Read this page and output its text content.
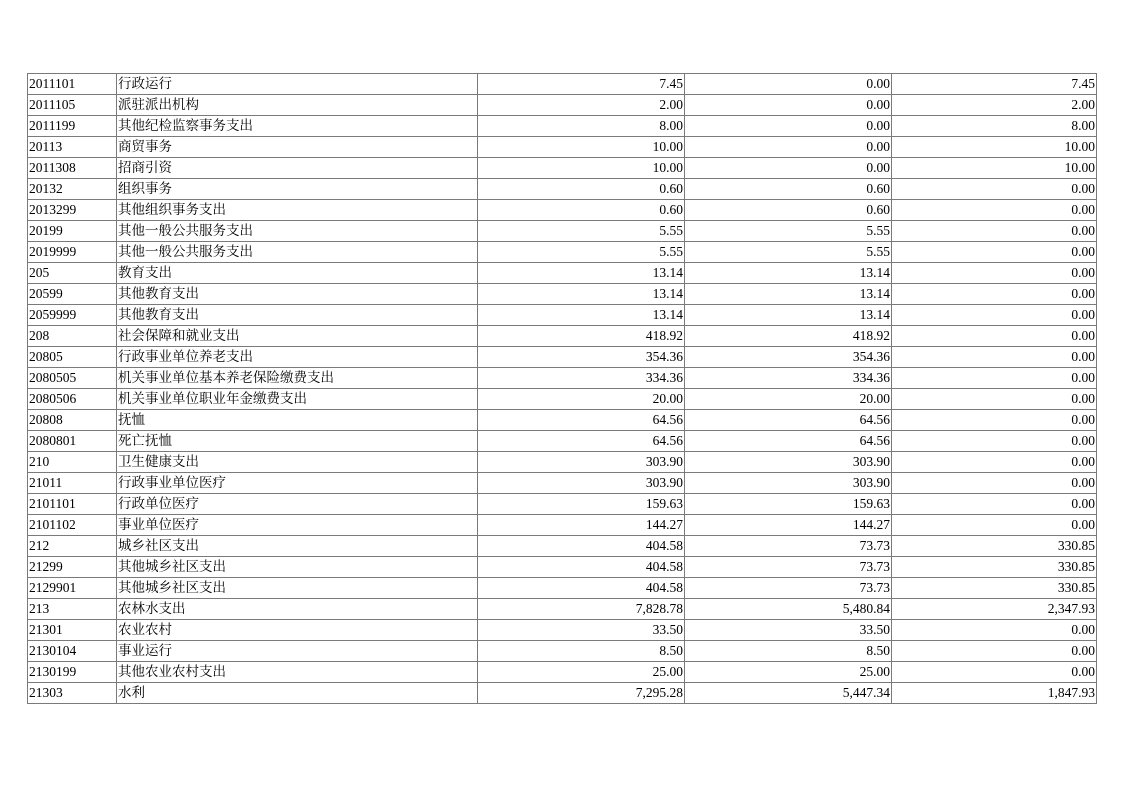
2011101	行政运行	7.45	0.00	7.45
2011105	派驻派出机构	2.00	0.00	2.00
2011199	其他纪检监察事务支出	8.00	0.00	8.00
20113	商贸事务	10.00	0.00	10.00
2011308	招商引资	10.00	0.00	10.00
20132	组织事务	0.60	0.60	0.00
2013299	其他组织事务支出	0.60	0.60	0.00
20199	其他一般公共服务支出	5.55	5.55	0.00
2019999	其他一般公共服务支出	5.55	5.55	0.00
205	教育支出	13.14	13.14	0.00
20599	其他教育支出	13.14	13.14	0.00
2059999	其他教育支出	13.14	13.14	0.00
208	社会保障和就业支出	418.92	418.92	0.00
20805	行政事业单位养老支出	354.36	354.36	0.00
2080505	机关事业单位基本养老保险缴费支出	334.36	334.36	0.00
2080506	机关事业单位职业年金缴费支出	20.00	20.00	0.00
20808	抚恤	64.56	64.56	0.00
2080801	死亡抚恤	64.56	64.56	0.00
210	卫生健康支出	303.90	303.90	0.00
21011	行政事业单位医疗	303.90	303.90	0.00
2101101	行政单位医疗	159.63	159.63	0.00
2101102	事业单位医疗	144.27	144.27	0.00
212	城乡社区支出	404.58	73.73	330.85
21299	其他城乡社区支出	404.58	73.73	330.85
2129901	其他城乡社区支出	404.58	73.73	330.85
213	农林水支出	7,828.78	5,480.84	2,347.93
21301	农业农村	33.50	33.50	0.00
2130104	事业运行	8.50	8.50	0.00
2130199	其他农业农村支出	25.00	25.00	0.00
21303	水利	7,295.28	5,447.34	1,847.93
